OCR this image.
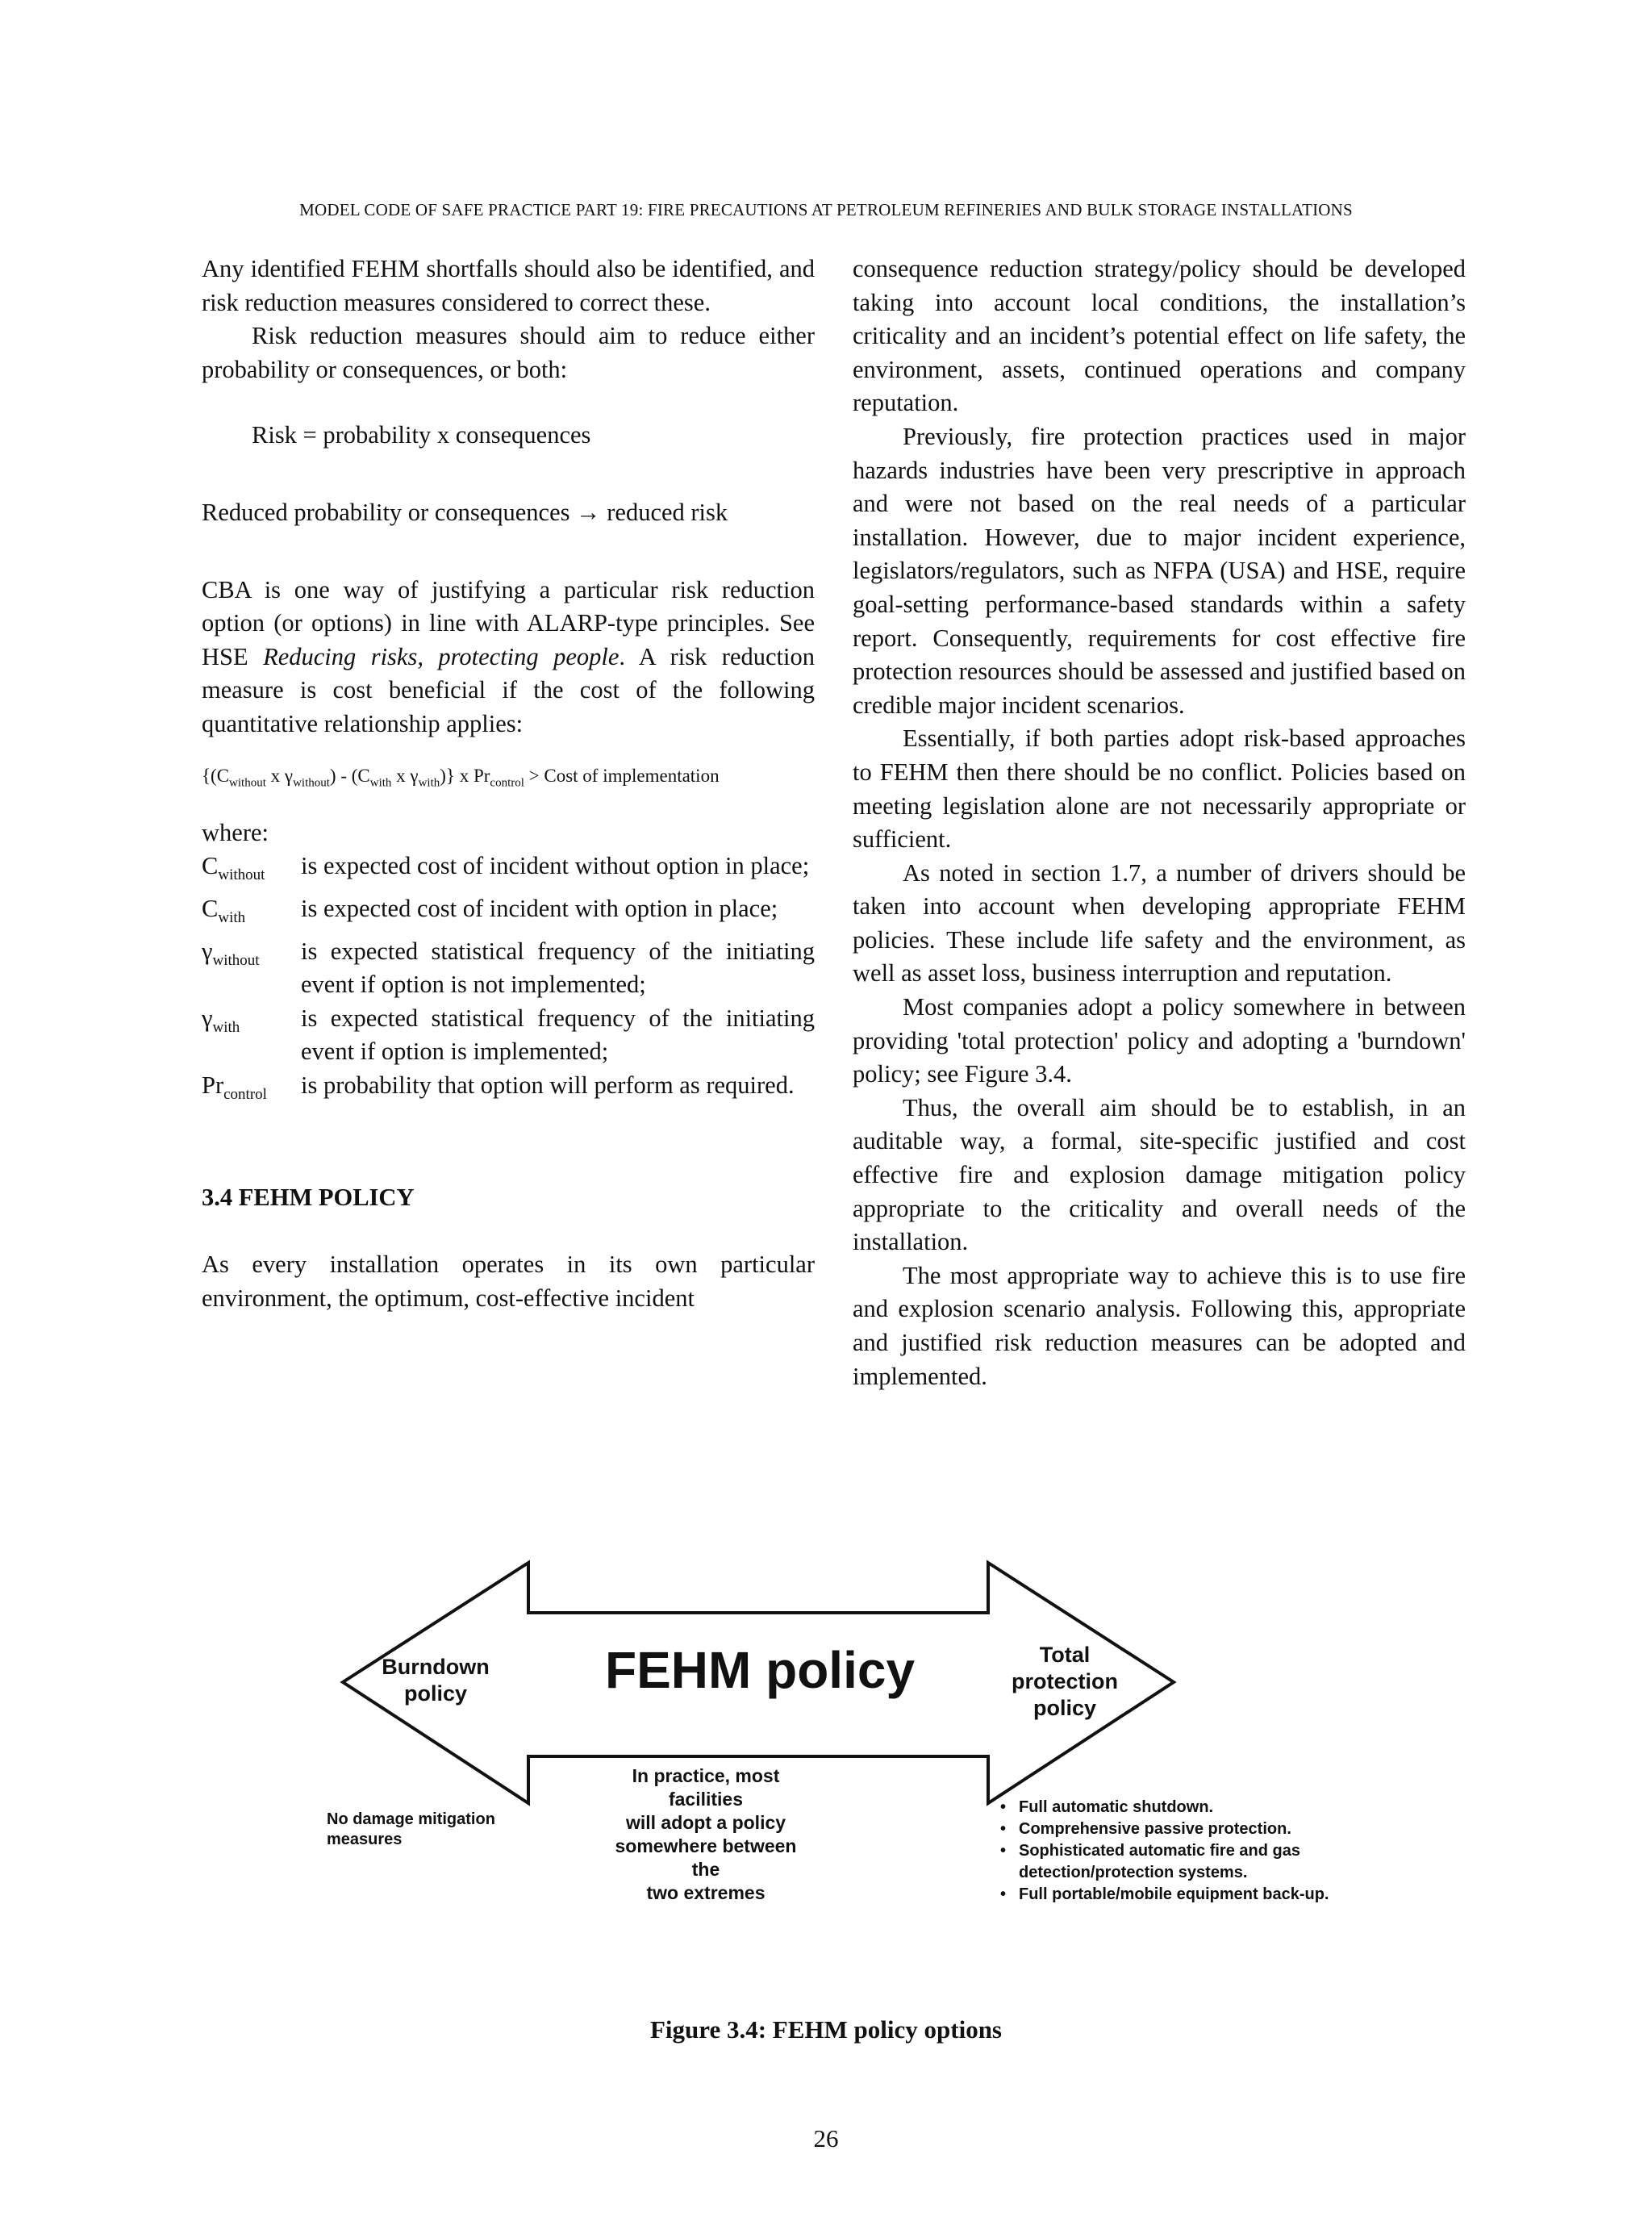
MODEL CODE OF SAFE PRACTICE PART 19: FIRE PRECAUTIONS AT PETROLEUM REFINERIES AND BULK STORAGE INSTALLATIONS

Any identified FEHM shortfalls should also be identified, and risk reduction measures considered to correct these.

Risk reduction measures should aim to reduce either probability or consequences, or both:

Risk = probability x consequences

Reduced probability or consequences → reduced risk

CBA is one way of justifying a particular risk reduction option (or options) in line with ALARP-type principles. See HSE Reducing risks, protecting people. A risk reduction measure is cost beneficial if the cost of the following quantitative relationship applies:

{($C_{without}$ x $\gamma_{without}) - (C_{with}$ x $\gamma_{with}$)} x $Pr_{control}$ > Cost of implementation

where:

$C_{without}$	is expected cost of incident without option in place;
$C_{with}$	is expected cost of incident with option in place;
$\gamma_{without}$	is expected statistical frequency of the initiating event if option is not implemented;
$\gamma_{with}$	is expected statistical frequency of the initiating event if option is implemented;
$Pr_{control}$	is probability that option will perform as required.

3.4 FEHM POLICY

As every installation operates in its own particular environment, the optimum, cost-effective incident

consequence reduction strategy/policy should be developed taking into account local conditions, the installation’s criticality and an incident’s potential effect on life safety, the environment, assets, continued operations and company reputation.

Previously, fire protection practices used in major hazards industries have been very prescriptive in approach and were not based on the real needs of a particular installation. However, due to major incident experience, legislators/regulators, such as NFPA (USA) and HSE, require goal-setting performance-based standards within a safety report. Consequently, requirements for cost effective fire protection resources should be assessed and justified based on credible major incident scenarios.

Essentially, if both parties adopt risk-based approaches to FEHM then there should be no conflict. Policies based on meeting legislation alone are not necessarily appropriate or sufficient.

As noted in section 1.7, a number of drivers should be taken into account when developing appropriate FEHM policies. These include life safety and the environment, as well as asset loss, business interruption and reputation.

Most companies adopt a policy somewhere in between providing 'total protection' policy and adopting a 'burndown' policy; see Figure 3.4.

Thus, the overall aim should be to establish, in an auditable way, a formal, site-specific justified and cost effective fire and explosion damage mitigation policy appropriate to the criticality and overall needs of the installation.

The most appropriate way to achieve this is to use fire and explosion scenario analysis. Following this, appropriate and justified risk reduction measures can be adopted and implemented.

FEHM policy
Burndown
policy
Total
protection
policy
In practice, most facilities
will adopt a policy
somewhere between the
two extremes
No damage mitigation
measures
• Full automatic shutdown.
• Comprehensive passive protection.
• Sophisticated automatic fire and gas detection/protection systems.
• Full portable/mobile equipment back-up.
Figure 3.4: FEHM policy options
26
